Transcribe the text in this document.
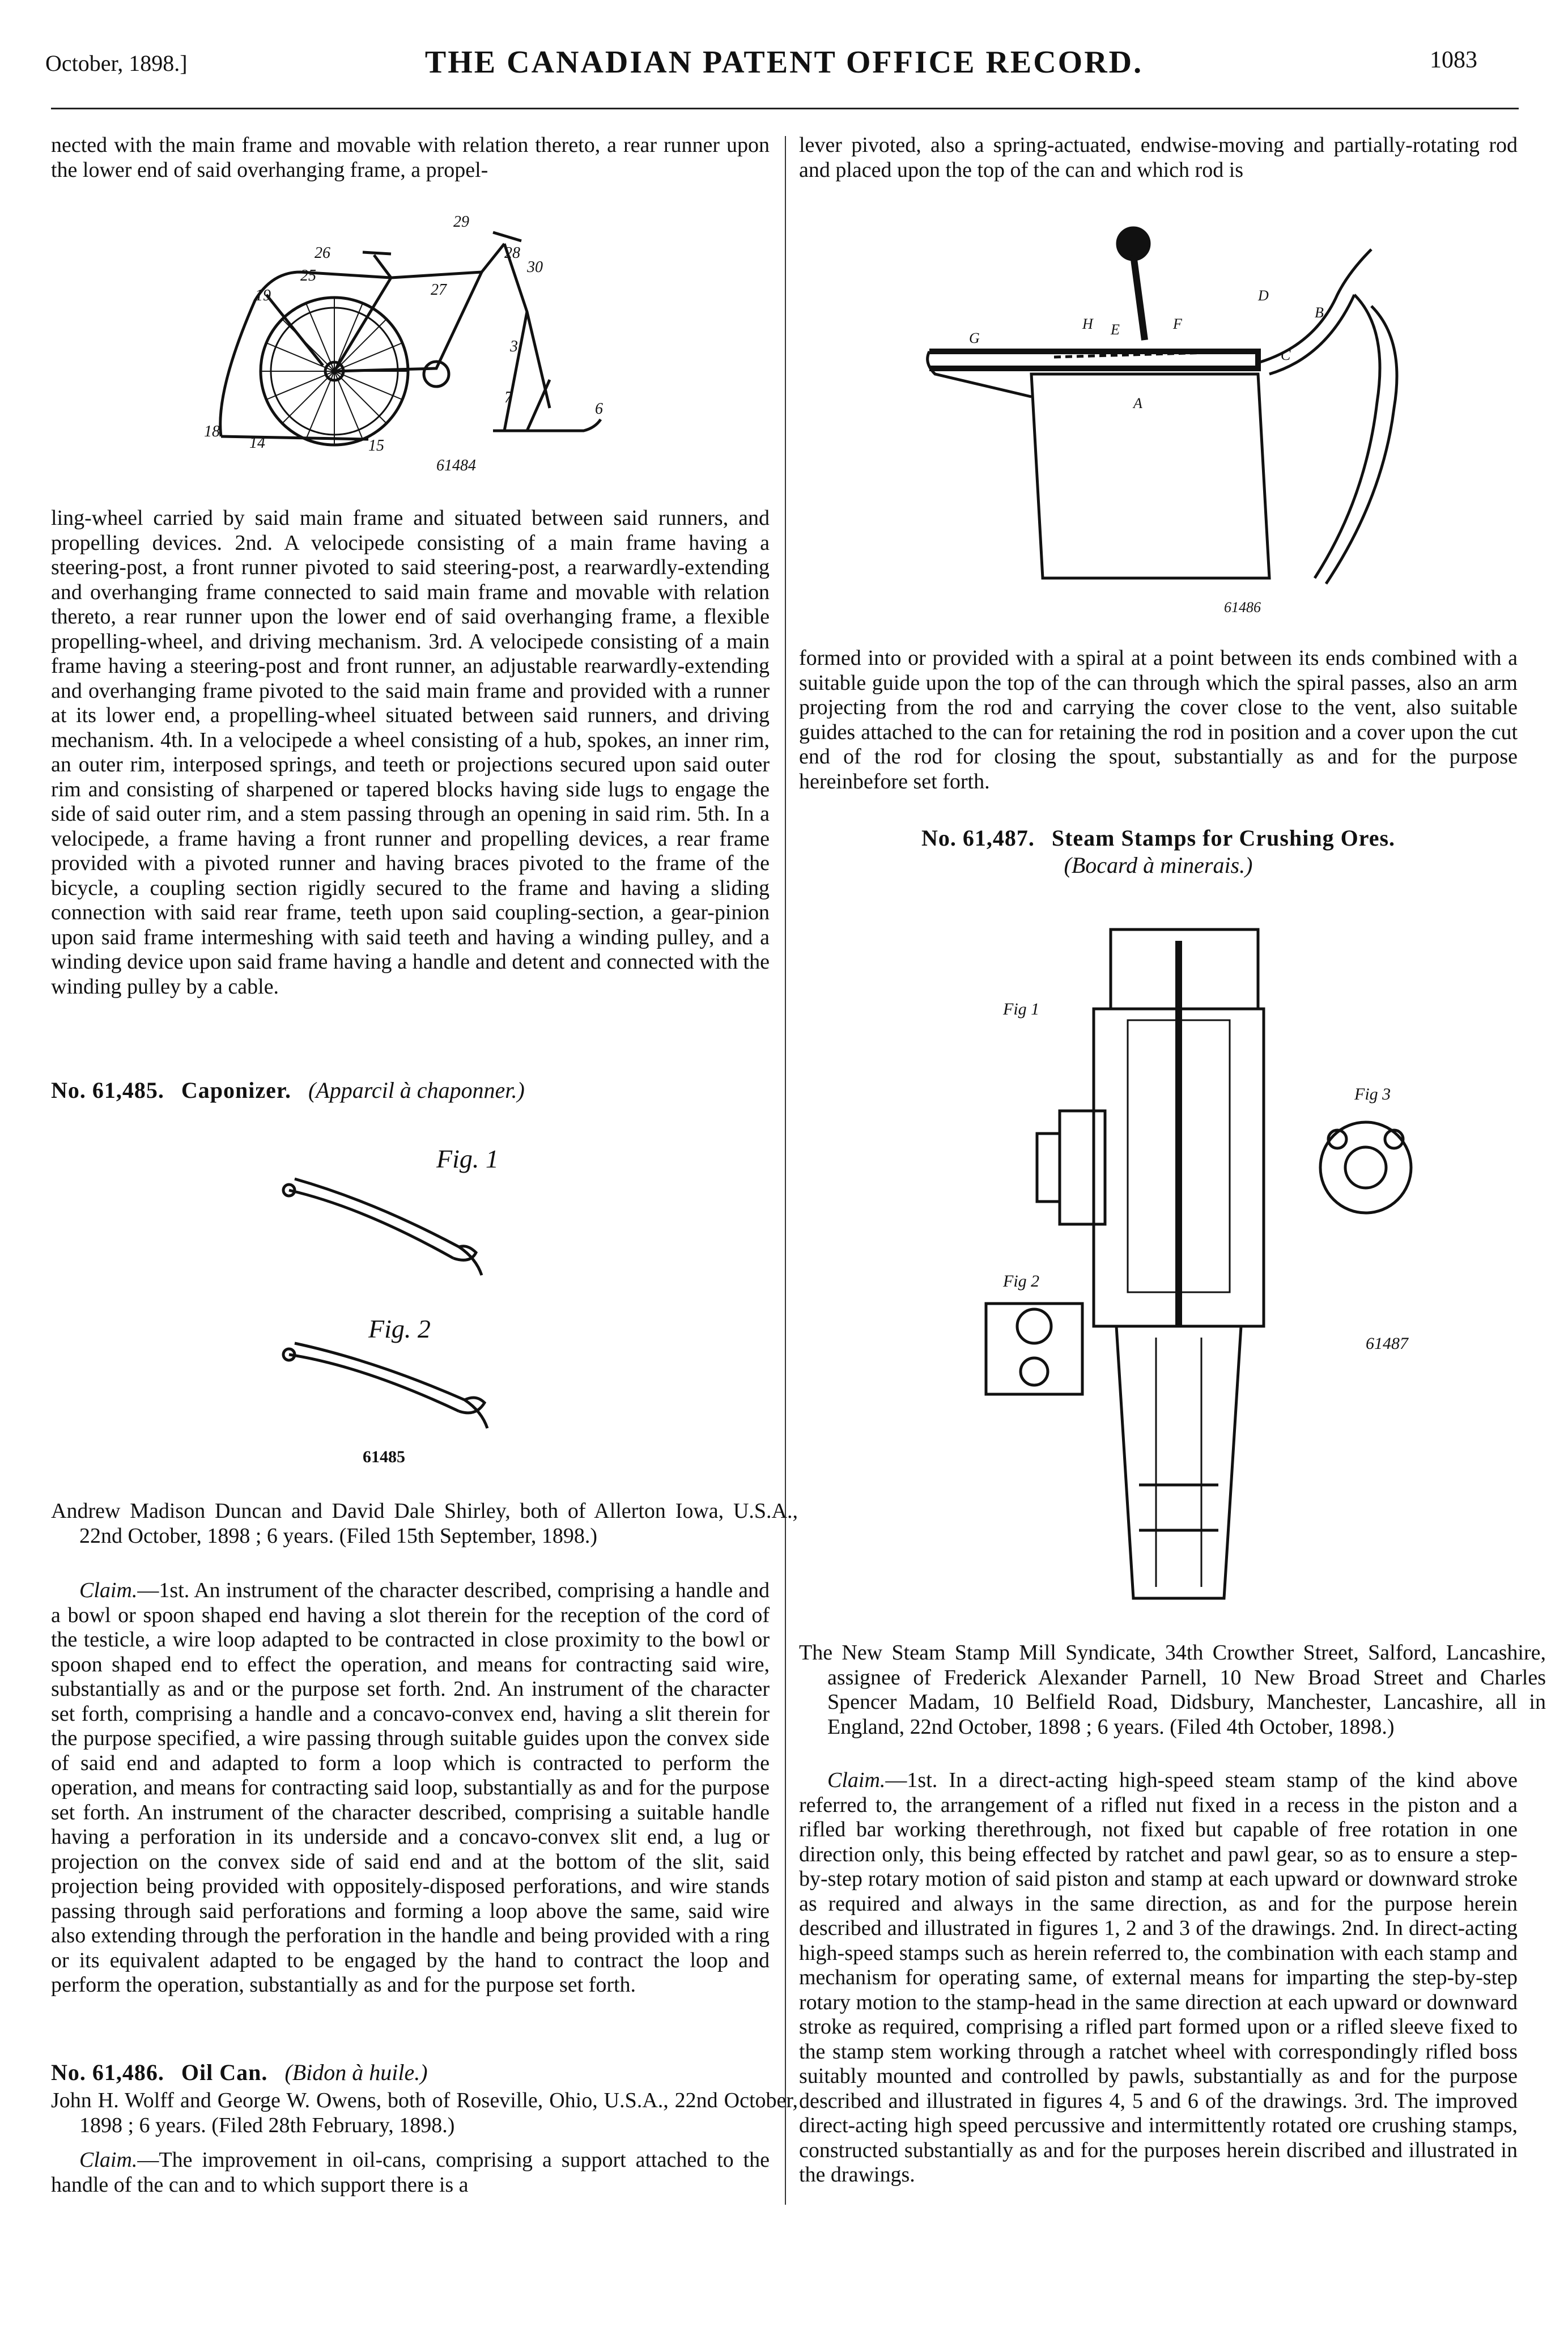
October, 1898.]	THE CANADIAN PATENT OFFICE RECORD.	1083
nected with the main frame and movable with relation thereto, a rear runner upon the lower end of said overhanging frame, a propel-
29
28
30
26
25
19	27
3
18
14	15
7
6
61484
ling-wheel carried by said main frame and situated between said runners, and propelling devices. 2nd. A velocipede consisting of a main frame having a steering-post, a front runner pivoted to said steering-post, a rearwardly-extending and overhanging frame connected to said main frame and movable with relation thereto, a rear runner upon the lower end of said overhanging frame, a flexible propelling-wheel, and driving mechanism. 3rd. A velocipede consisting of a main frame having a steering-post and front runner, an adjustable rearwardly-extending and overhanging frame pivoted to the said main frame and provided with a runner at its lower end, a propelling-wheel situated between said runners, and driving mechanism. 4th. In a velocipede a wheel consisting of a hub, spokes, an inner rim, an outer rim, interposed springs, and teeth or projections secured upon said outer rim and consisting of sharpened or tapered blocks having side lugs to engage the side of said outer rim, and a stem passing through an opening in said rim. 5th. In a velocipede, a frame having a front runner and propelling devices, a rear frame provided with a pivoted runner and having braces pivoted to the frame of the bicycle, a coupling section rigidly secured to the frame and having a sliding connection with said rear frame, teeth upon said coupling-section, a gear-pinion upon said frame intermeshing with said teeth and having a winding pulley, and a winding device upon said frame having a handle and detent and connected with the winding pulley by a cable.
No. 61,485. Caponizer. (Apparcil à chaponner.)
Fig. 1
Fig. 2
61485
Andrew Madison Duncan and David Dale Shirley, both of Allerton Iowa, U.S.A., 22nd October, 1898 ; 6 years. (Filed 15th September, 1898.)
Claim.—1st. An instrument of the character described, comprising a handle and a bowl or spoon shaped end having a slot therein for the reception of the cord of the testicle, a wire loop adapted to be contracted in close proximity to the bowl or spoon shaped end to effect the operation, and means for contracting said wire, substantially as and or the purpose set forth. 2nd. An instrument of the character set forth, comprising a handle and a concavo-convex end, having a slit therein for the purpose specified, a wire passing through suitable guides upon the convex side of said end and adapted to form a loop which is contracted to perform the operation, and means for contracting said loop, substantially as and for the purpose set forth. An instrument of the character described, comprising a suitable handle having a perforation in its underside and a concavo-convex slit end, a lug or projection on the convex side of said end and at the bottom of the slit, said projection being provided with oppositely-disposed perforations, and wire stands passing through said perforations and forming a loop above the same, said wire also extending through the perforation in the handle and being provided with a ring or its equivalent adapted to be engaged by the hand to contract the loop and perform the operation, substantially as and for the purpose set forth.
No. 61,486. Oil Can. (Bidon à huile.)
John H. Wolff and George W. Owens, both of Roseville, Ohio, U.S.A., 22nd October, 1898 ; 6 years. (Filed 28th February, 1898.)
Claim.—The improvement in oil-cans, comprising a support attached to the handle of the can and to which support there is a
lever pivoted, also a spring-actuated, endwise-moving and partially-rotating rod and placed upon the top of the can and which rod is
G
H E
D
F
B
C
A
61486
formed into or provided with a spiral at a point between its ends combined with a suitable guide upon the top of the can through which the spiral passes, also an arm projecting from the rod and carrying the cover close to the vent, also suitable guides attached to the can for retaining the rod in position and a cover upon the cut end of the rod for closing the spout, substantially as and for the purpose hereinbefore set forth.
No. 61,487. Steam Stamps for Crushing Ores.
(Bocard à minerais.)
Fig 1
Fig 3
Fig 2
61487
The New Steam Stamp Mill Syndicate, 34th Crowther Street, Salford, Lancashire, assignee of Frederick Alexander Parnell, 10 New Broad Street and Charles Spencer Madam, 10 Belfield Road, Didsbury, Manchester, Lancashire, all in England, 22nd October, 1898 ; 6 years. (Filed 4th October, 1898.)
Claim.—1st. In a direct-acting high-speed steam stamp of the kind above referred to, the arrangement of a rifled nut fixed in a recess in the piston and a rifled bar working therethrough, not fixed but capable of free rotation in one direction only, this being effected by ratchet and pawl gear, so as to ensure a step-by-step rotary motion of said piston and stamp at each upward or downward stroke as required and always in the same direction, as and for the purpose herein described and illustrated in figures 1, 2 and 3 of the drawings. 2nd. In direct-acting high-speed stamps such as herein referred to, the combination with each stamp and mechanism for operating same, of external means for imparting the step-by-step rotary motion to the stamp-head in the same direction at each upward or downward stroke as required, comprising a rifled part formed upon or a rifled sleeve fixed to the stamp stem working through a ratchet wheel with correspondingly rifled boss suitably mounted and controlled by pawls, substantially as and for the purpose described and illustrated in figures 4, 5 and 6 of the drawings. 3rd. The improved direct-acting high speed percussive and intermittently rotated ore crushing stamps, constructed substantially as and for the purposes herein discribed and illustrated in the drawings.
